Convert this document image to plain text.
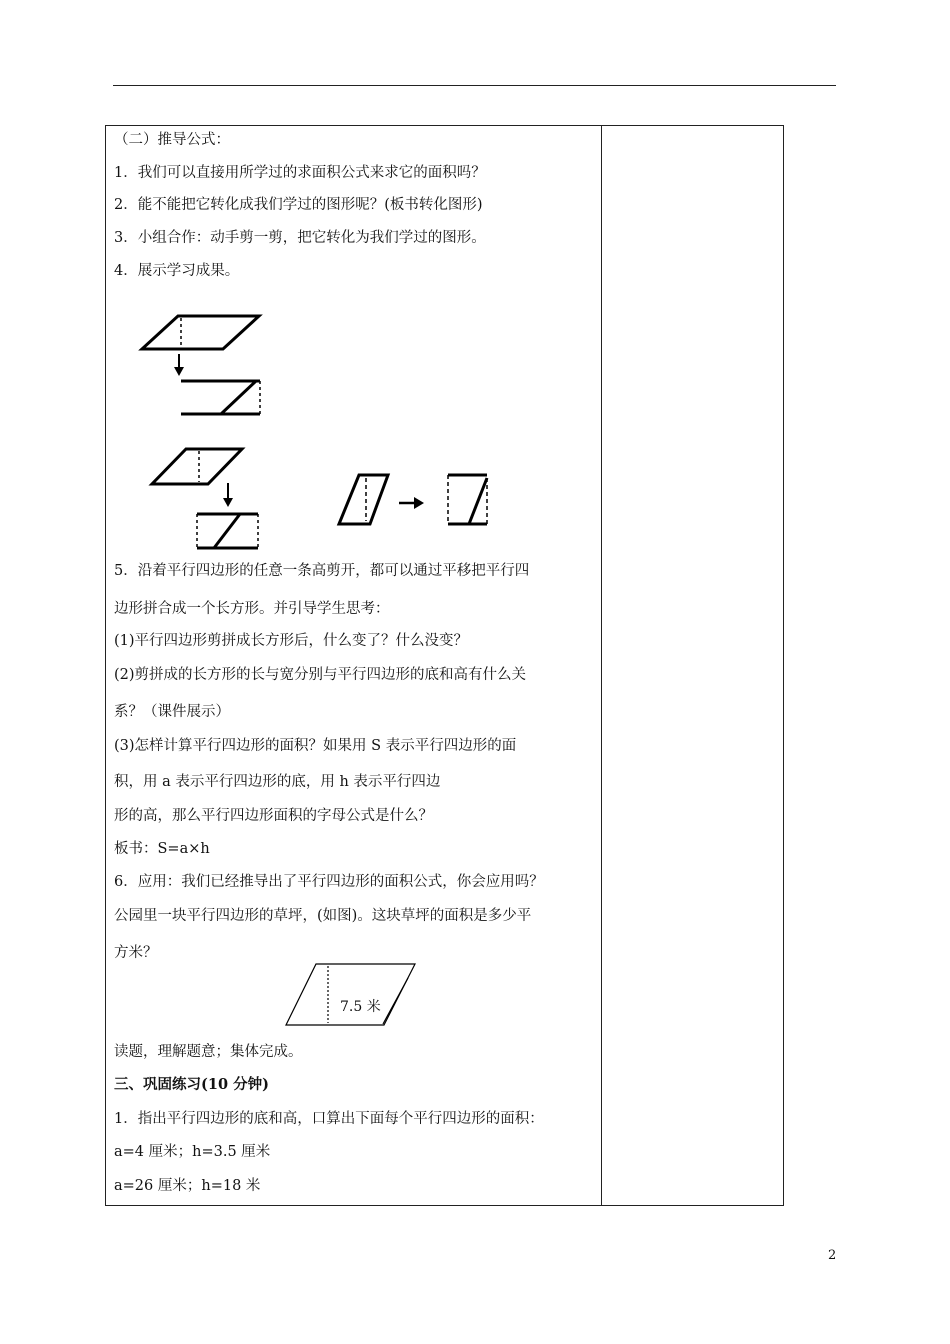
（二）推导公式：
1．我们可以直接用所学过的求面积公式来求它的面积吗？
2．能不能把它转化成我们学过的图形呢？(板书转化图形)
3．小组合作：动手剪一剪，把它转化为我们学过的图形。
4．展示学习成果。
7.5 米
5．沿着平行四边形的任意一条高剪开，都可以通过平移把平行四
边形拼合成一个长方形。并引导学生思考：
(1)平行四边形剪拼成长方形后，什么变了？什么没变？
(2)剪拼成的长方形的长与宽分别与平行四边形的底和高有什么关
系？（课件展示）
(3)怎样计算平行四边形的面积？如果用 S 表示平行四边形的面
积，用 a 表示平行四边形的底，用 h 表示平行四边
形的高，那么平行四边形面积的字母公式是什么？
板书：S=a×h
6．应用：我们已经推导出了平行四边形的面积公式，你会应用吗？
公园里一块平行四边形的草坪，(如图)。这块草坪的面积是多少平
方米？
读题，理解题意；集体完成。
三、巩固练习(10 分钟)
1．指出平行四边形的底和高，口算出下面每个平行四边形的面积：
a=4 厘米；h=3.5 厘米
a=26 厘米；h=18 米
2
